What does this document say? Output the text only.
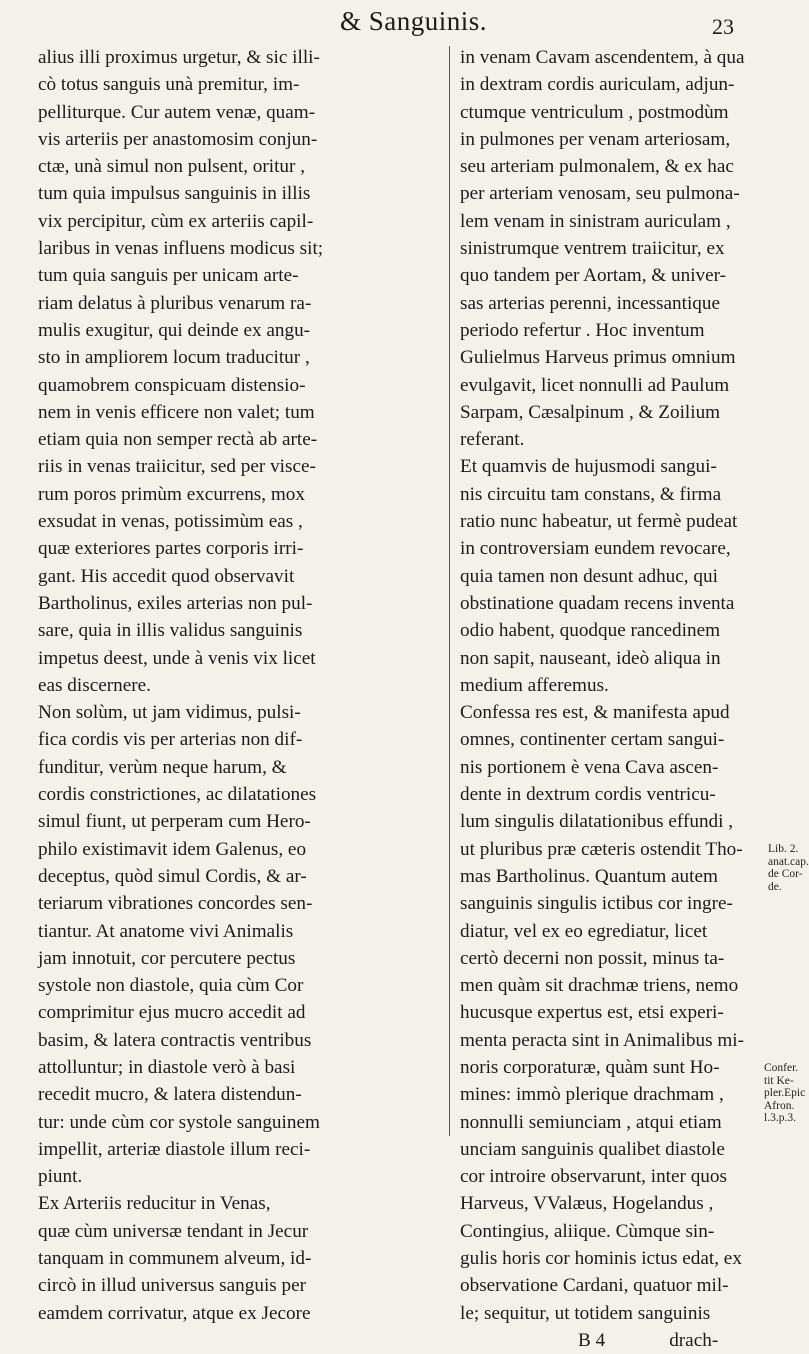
& Sanguinis.	23
alius illi proximus urgetur, & sic illi-
cò totus sanguis unà premitur, im-
pelliturque. Cur autem venæ, quam-
vis arteriis per anastomosim conjun-
ctæ, unà simul non pulsent, oritur ,
tum quia impulsus sanguinis in illis
vix percipitur, cùm ex arteriis capil-
laribus in venas influens modicus sit;
tum quia sanguis per unicam arte-
riam delatus à pluribus venarum ra-
mulis exugitur, qui deinde ex angu-
sto in ampliorem locum traducitur ,
quamobrem conspicuam distensio-
nem in venis efficere non valet; tum
etiam quia non semper rectà ab arte-
riis in venas traiicitur, sed per visce-
rum poros primùm excurrens, mox
exsudat in venas, potissimùm eas ,
quæ exteriores partes corporis irri-
gant. His accedit quod observavit
Bartholinus, exiles arterias non pul-
sare, quia in illis validus sanguinis
impetus deest, unde à venis vix licet
eas discernere.
Non solùm, ut jam vidimus, pulsi-
fica cordis vis per arterias non dif-
funditur, verùm neque harum, &
cordis constrictiones, ac dilatationes
simul fiunt, ut perperam cum Hero-
philo existimavit idem Galenus, eo
deceptus, quòd simul Cordis, & ar-
teriarum vibrationes concordes sen-
tiantur. At anatome vivi Animalis
jam innotuit, cor percutere pectus
systole non diastole, quia cùm Cor
comprimitur ejus mucro accedit ad
basim, & latera contractis ventribus
attolluntur; in diastole verò à basi
recedit mucro, & latera distendun-
tur: unde cùm cor systole sanguinem
impellit, arteriæ diastole illum reci-
piunt.
Ex Arteriis reducitur in Venas,
quæ cùm universæ tendant in Jecur
tanquam in communem alveum, id-
circò in illud universus sanguis per
eamdem corrivatur, atque ex Jecore
in venam Cavam ascendentem, à qua
in dextram cordis auriculam, adjun-
ctumque ventriculum , postmodùm
in pulmones per venam arteriosam,
seu arteriam pulmonalem, & ex hac
per arteriam venosam, seu pulmona-
lem venam in sinistram auriculam ,
sinistrumque ventrem traiicitur, ex
quo tandem per Aortam, & univer-
sas arterias perenni, incessantique
periodo refertur . Hoc inventum
Gulielmus Harveus primus omnium
evulgavit, licet nonnulli ad Paulum
Sarpam, Cæsalpinum , & Zoilium
referant.
Et quamvis de hujusmodi sangui-
nis circuitu tam constans, & firma
ratio nunc habeatur, ut fermè pudeat
in controversiam eundem revocare,
quia tamen non desunt adhuc, qui
obstinatione quadam recens inventa
odio habent, quodque rancedinem
non sapit, nauseant, ideò aliqua in
medium afferemus.
Confessa res est, & manifesta apud
omnes, continenter certam sangui-
nis portionem è vena Cava ascen-
dente in dextrum cordis ventricu-
lum singulis dilatationibus effundi ,
ut pluribus præ cæteris ostendit Tho-
mas Bartholinus. Quantum autem
sanguinis singulis ictibus cor ingre-
diatur, vel ex eo egrediatur, licet
certò decerni non possit, minus ta-
men quàm sit drachmæ triens, nemo
hucusque expertus est, etsi experi-
menta peracta sint in Animalibus mi-
noris corporaturæ, quàm sunt Ho-
mines: immò plerique drachmam ,
nonnulli semiunciam , atqui etiam
unciam sanguinis qualibet diastole
cor introire observarunt, inter quos
Harveus, VValæus, Hogelandus ,
Contingius, aliique. Cùmque sin-
gulis horis cor hominis ictus edat, ex
observatione Cardani, quatuor mil-
le; sequitur, ut totidem sanguinis
B 4	drach-
Lib. 2.
anat.cap.
de Cor-
de.
Confer.
tit Ke-
pler.Epic
Afron.
l.3.p.3.
